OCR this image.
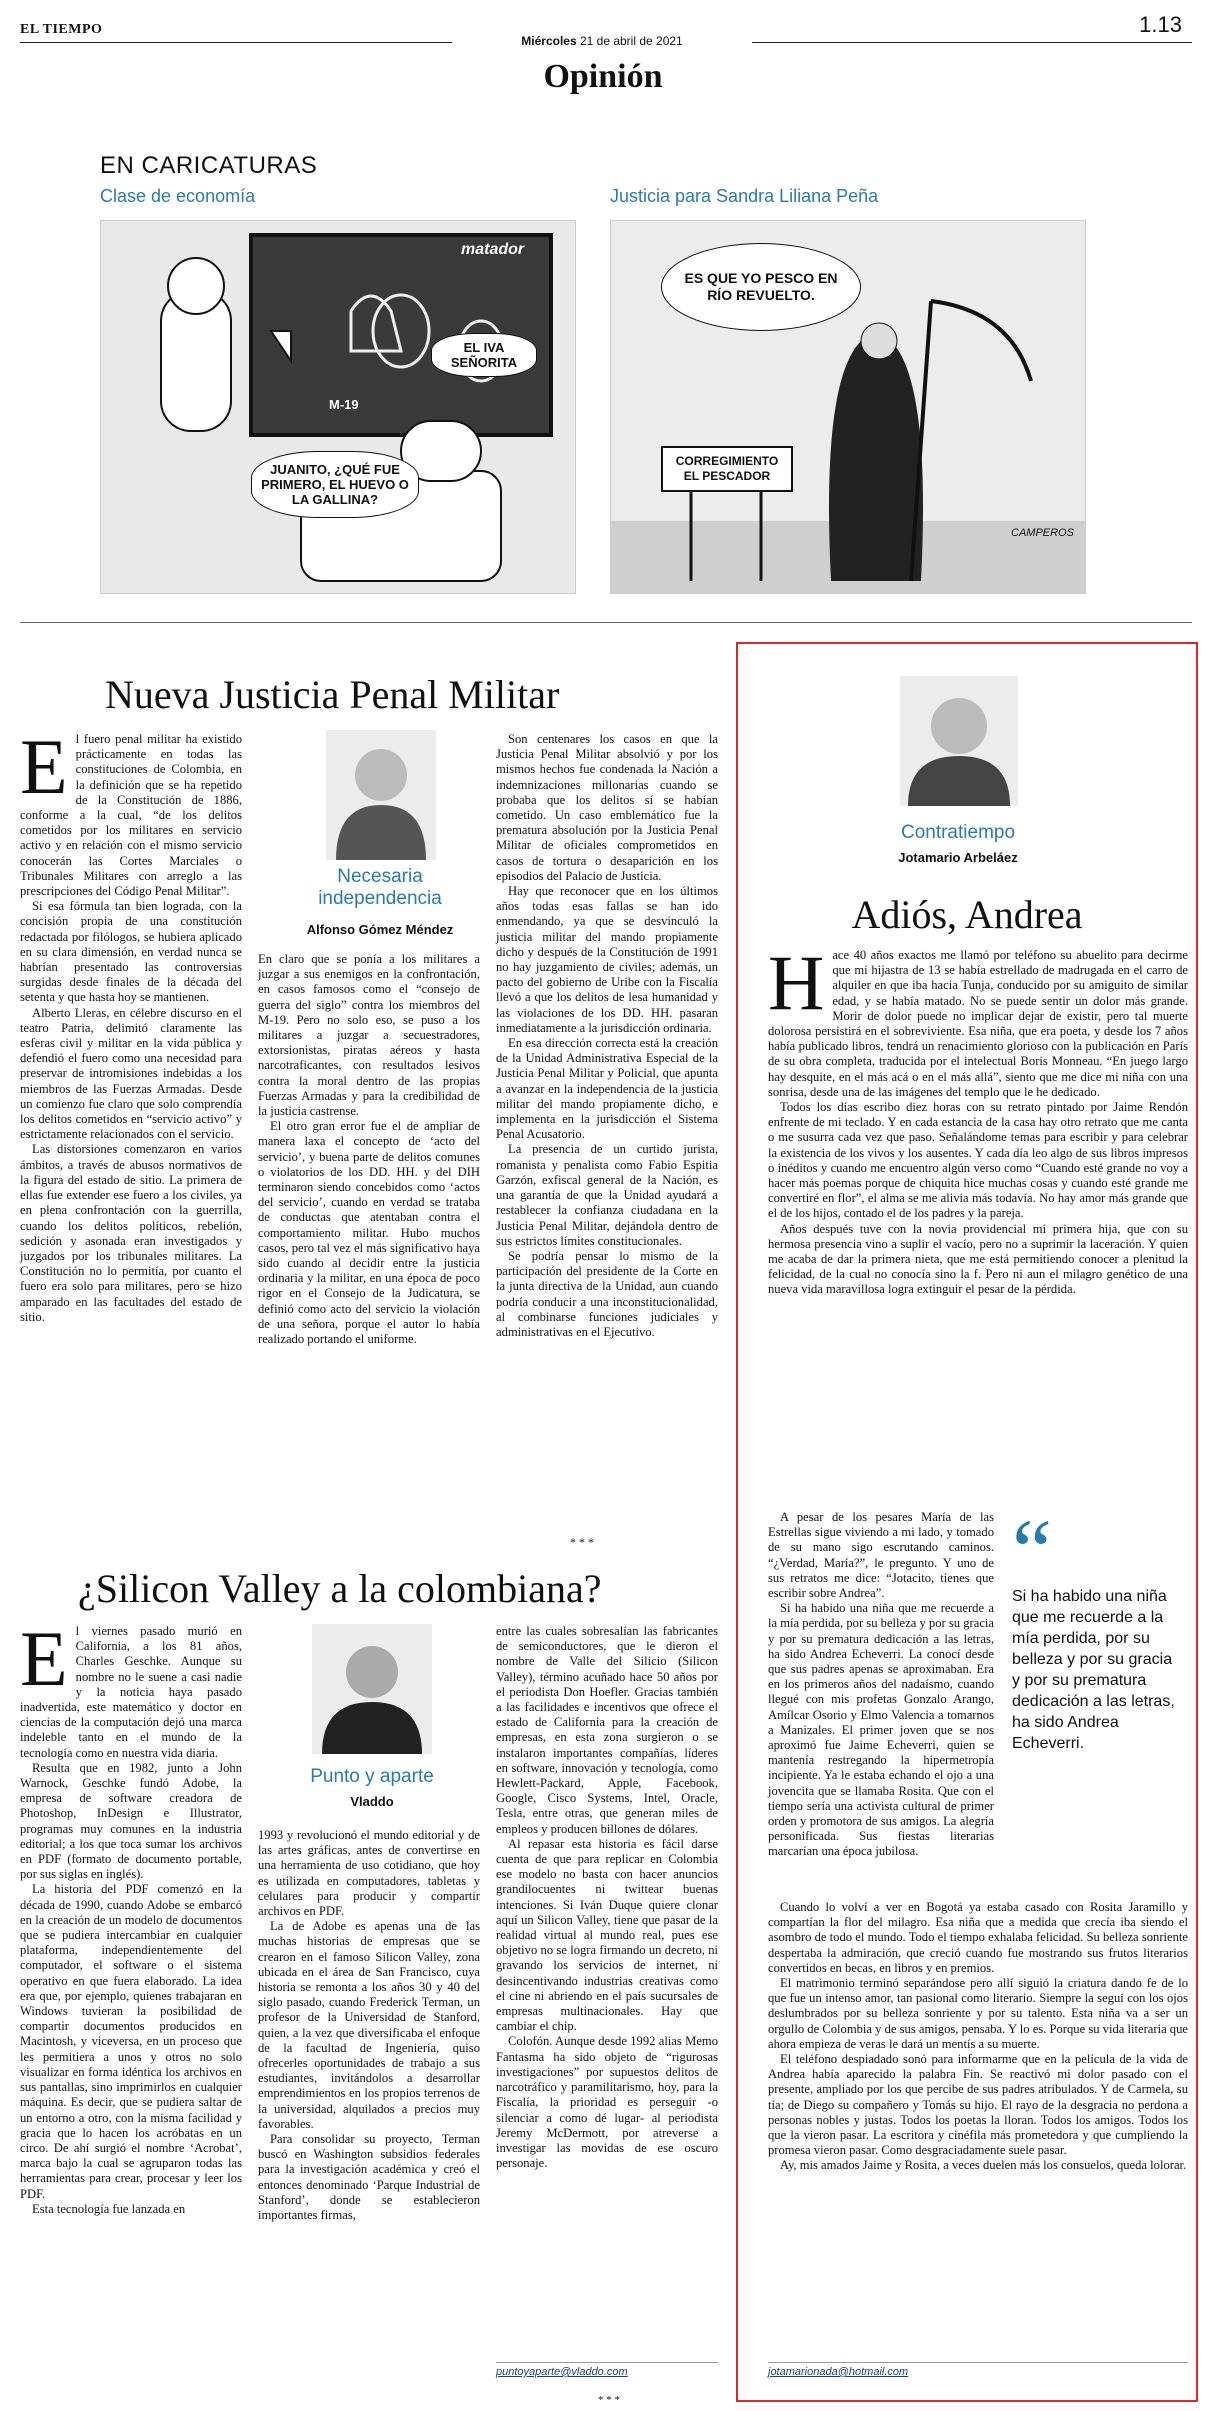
EL TIEMPO
Miércoles 21 de abril de 2021
1.13
Opinión
EN CARICATURAS
Clase de economía	Justicia para Sandra Liliana Peña
matador
M-19
EL IVA SEÑORITA
JUANITO, ¿QUÉ FUE PRIMERO, EL HUEVO O LA GALLINA?
ES QUE YO PESCO EN RÍO REVUELTO.
CORREGIMIENTO EL PESCADOR
CAMPEROS
Nueva Justicia Penal Militar
E l fuero penal militar ha existido prácticamente en todas las constituciones de Colombia, en la definición que se ha repetido de la Constitución de 1886, conforme a la cual, “de los delitos cometidos por los militares en servicio activo y en relación con el mismo servicio conocerán las Cortes Marciales o Tribunales Militares con arreglo a las prescripciones del Código Penal Militar”.

Si esa fórmula tan bien lograda, con la concisión propia de una constitución redactada por filólogos, se hubiera aplicado en su clara dimensión, en verdad nunca se habrían presentado las controversias surgidas desde finales de la década del setenta y que hasta hoy se mantienen.

Alberto Lleras, en célebre discurso en el teatro Patria, delimitó claramente las esferas civil y militar en la vida pública y defendió el fuero como una necesidad para preservar de intromisiones indebidas a los miembros de las Fuerzas Armadas. Desde un comienzo fue claro que solo comprendía los delitos cometidos en “servicio activo” y estrictamente relacionados con el servicio.

Las distorsiones comenzaron en varios ámbitos, a través de abusos normativos de la figura del estado de sitio. La primera de ellas fue extender ese fuero a los civiles, ya en plena confrontación con la guerrilla, cuando los delitos políticos, rebelión, sedición y asonada eran investigados y juzgados por los tribunales militares. La Constitución no lo permitía, por cuanto el fuero era solo para militares, pero se hizo amparado en las facultades del estado de sitio.

Necesaria independencia
Alfonso Gómez Méndez

En claro que se ponía a los militares a juzgar a sus enemigos en la confrontación, en casos famosos como el “consejo de guerra del siglo” contra los miembros del M-19. Pero no solo eso, se puso a los militares a juzgar a secuestradores, extorsionistas, piratas aéreos y hasta narcotraficantes, con resultados lesivos contra la moral dentro de las propias Fuerzas Armadas y para la credibilidad de la justicia castrense.

El otro gran error fue el de ampliar de manera laxa el concepto de ‘acto del servicio’, y buena parte de delitos comunes o violatorios de los DD. HH. y del DIH terminaron siendo concebidos como ‘actos del servicio’, cuando en verdad se trataba de conductas que atentaban contra el comportamiento militar. Hubo muchos casos, pero tal vez el más significativo haya sido cuando al decidir entre la justicia ordinaria y la militar, en una época de poco rigor en el Consejo de la Judicatura, se definió como acto del servicio la violación de una señora, porque el autor lo había realizado portando el uniforme.

Son centenares los casos en que la Justicia Penal Militar absolvió y por los mismos hechos fue condenada la Nación a indemnizaciones millonarias cuando se probaba que los delitos sí se habían cometido. Un caso emblemático fue la prematura absolución por la Justicia Penal Militar de oficiales comprometidos en casos de tortura o desaparición en los episodios del Palacio de Justicia.

Hay que reconocer que en los últimos años todas esas fallas se han ido enmendando, ya que se desvinculó la justicia militar del mando propiamente dicho y después de la Constitución de 1991 no hay juzgamiento de civiles; además, un pacto del gobierno de Uribe con la Fiscalía llevó a que los delitos de lesa humanidad y las violaciones de los DD. HH. pasaran inmediatamente a la jurisdicción ordinaria.

En esa dirección correcta está la creación de la Unidad Administrativa Especial de la Justicia Penal Militar y Policial, que apunta a avanzar en la independencia de la justicia militar del mando propiamente dicho, e implementa en la jurisdicción el Sistema Penal Acusatorio.

La presencia de un curtido jurista, romanista y penalista como Fabio Espitia Garzón, exfiscal general de la Nación, es una garantía de que la Unidad ayudará a restablecer la confianza ciudadana en la Justicia Penal Militar, dejándola dentro de sus estrictos límites constitucionales.

Se podría pensar lo mismo de la participación del presidente de la Corte en la junta directiva de la Unidad, aun cuando podría conducir a una inconstitucionalidad, al combinarse funciones judiciales y administrativas en el Ejecutivo.

* * *
¿Silicon Valley a la colombiana?
E l viernes pasado murió en California, a los 81 años, Charles Geschke. Aunque su nombre no le suene a casi nadie y la noticia haya pasado inadvertida, este matemático y doctor en ciencias de la computación dejó una marca indeleble tanto en el mundo de la tecnología como en nuestra vida diaria.

Resulta que en 1982, junto a John Warnock, Geschke fundó Adobe, la empresa de software creadora de Photoshop, InDesign e Illustrator, programas muy comunes en la industria editorial; a los que toca sumar los archivos en PDF (formato de documento portable, por sus siglas en inglés).

La historia del PDF comenzó en la década de 1990, cuando Adobe se embarcó en la creación de un modelo de documentos que se pudiera intercambiar en cualquier plataforma, independientemente del computador, el software o el sistema operativo en que fuera elaborado. La idea era que, por ejemplo, quienes trabajaran en Windows tuvieran la posibilidad de compartir documentos producidos en Macintosh, y viceversa, en un proceso que les permitiera a unos y otros no solo visualizar en forma idéntica los archivos en sus pantallas, sino imprimirlos en cualquier máquina. Es decir, que se pudiera saltar de un entorno a otro, con la misma facilidad y gracia que lo hacen los acróbatas en un circo. De ahí surgió el nombre ‘Acrobat’, marca bajo la cual se agruparon todas las herramientas para crear, procesar y leer los PDF.

Esta tecnología fue lanzada en

Punto y aparte
Vladdo

1993 y revolucionó el mundo editorial y de las artes gráficas, antes de convertirse en una herramienta de uso cotidiano, que hoy es utilizada en computadores, tabletas y celulares para producir y compartir archivos en PDF.

La de Adobe es apenas una de las muchas historias de empresas que se crearon en el famoso Silicon Valley, zona ubicada en el área de San Francisco, cuya historia se remonta a los años 30 y 40 del siglo pasado, cuando Frederick Terman, un profesor de la Universidad de Stanford, quien, a la vez que diversificaba el enfoque de la facultad de Ingeniería, quiso ofrecerles oportunidades de trabajo a sus estudiantes, invitándolos a desarrollar emprendimientos en los propios terrenos de la universidad, alquilados a precios muy favorables.

Para consolidar su proyecto, Terman buscó en Washington subsidios federales para la investigación académica y creó el entonces denominado ‘Parque Industrial de Stanford’, donde se establecieron importantes firmas,

entre las cuales sobresalían las fabricantes de semiconductores, que le dieron el nombre de Valle del Silicio (Silicon Valley), término acuñado hace 50 años por el periodista Don Hoefler. Gracias también a las facilidades e incentivos que ofrece el estado de California para la creación de empresas, en esta zona surgieron o se instalaron importantes compañías, líderes en software, innovación y tecnología, como Hewlett-Packard, Apple, Facebook, Google, Cisco Systems, Intel, Oracle, Tesla, entre otras, que generan miles de empleos y producen billones de dólares.

Al repasar esta historia es fácil darse cuenta de que para replicar en Colombia ese modelo no basta con hacer anuncios grandilocuentes ni twittear buenas intenciones. Si Iván Duque quiere clonar aquí un Silicon Valley, tiene que pasar de la realidad virtual al mundo real, pues ese objetivo no se logra firmando un decreto, ni gravando los servicios de internet, ni desincentivando industrias creativas como el cine ni abriendo en el país sucursales de empresas multinacionales. Hay que cambiar el chip.

Colofón. Aunque desde 1992 alias Memo Fantasma ha sido objeto de “rigurosas investigaciones” por supuestos delitos de narcotráfico y paramilitarismo, hoy, para la Fiscalía, la prioridad es perseguir -o silenciar a como dé lugar- al periodista Jeremy McDermott, por atreverse a investigar las movidas de ese oscuro personaje.

puntoyaparte@vladdo.com
* * *
Contratiempo
Jotamario Arbeláez
Adiós, Andrea
“
Si ha habido una niña que me recuerde a la mía perdida, por su belleza y por su gracia y por su prematura dedicación a las letras, ha sido Andrea Echeverri.
H ace 40 años exactos me llamó por teléfono su abuelito para decirme que mi hijastra de 13 se había estrellado de madrugada en el carro de alquiler en que iba hacia Tunja, conducido por su amiguito de similar edad, y se había matado. No se puede sentir un dolor más grande. Morir de dolor puede no implicar dejar de existir, pero tal muerte dolorosa persistirá en el sobreviviente. Esa niña, que era poeta, y desde los 7 años había publicado libros, tendrá un renacimiento glorioso con la publicación en París de su obra completa, traducida por el intelectual Boris Monneau. “En juego largo hay desquite, en el más acá o en el más allá”, siento que me dice mi niña con una sonrisa, desde una de las imágenes del templo que le he dedicado.

Todos los días escribo diez horas con su retrato pintado por Jaime Rendón enfrente de mi teclado. Y en cada estancia de la casa hay otro retrato que me canta o me susurra cada vez que paso. Señalándome temas para escribir y para celebrar la existencia de los vivos y los ausentes. Y cada día leo algo de sus libros impresos o inéditos y cuando me encuentro algún verso como “Cuando esté grande no voy a hacer más poemas porque de chiquita hice muchas cosas y cuando esté grande me convertiré en flor”, el alma se me alivia más todavía. No hay amor más grande que el de los hijos, contado el de los padres y la pareja.

Años después tuve con la novia providencial mi primera hija, que con su hermosa presencia vino a suplir el vacío, pero no a suprimir la laceración. Y quien me acaba de dar la primera nieta, que me está permitiendo conocer a plenitud la felicidad, de la cual no conocía sino la f. Pero ni aun el milagro genético de una nueva vida maravillosa logra extinguir el pesar de la pérdida.

A pesar de los pesares María de las Estrellas sigue viviendo a mi lado, y tomado de su mano sigo escrutando caminos. “¿Verdad, María?”, le pregunto. Y uno de sus retratos me dice: “Jotacito, tienes que escribir sobre Andrea”.

Si ha habido una niña que me recuerde a la mía perdida, por su belleza y por su gracia y por su prematura dedicación a las letras, ha sido Andrea Echeverri. La conocí desde que sus padres apenas se aproximaban. Era en los primeros años del nadaísmo, cuando llegué con mis profetas Gonzalo Arango, Amílcar Osorio y Elmo Valencia a tomarnos a Manizales. El primer joven que se nos aproximó fue Jaime Echeverri, quien se mantenía restregando la hipermetropía incipiente. Ya le estaba echando el ojo a una jovencita que se llamaba Rosita. Que con el tiempo sería una activista cultural de primer orden y promotora de sus amigos. La alegría personificada. Sus fiestas literarias marcarían una época jubilosa.

Cuando lo volví a ver en Bogotá ya estaba casado con Rosita Jaramillo y compartían la flor del milagro. Esa niña que a medida que crecía iba siendo el asombro de todo el mundo. Todo el tiempo exhalaba felicidad. Su belleza sonriente despertaba la admiración, que creció cuando fue mostrando sus frutos literarios convertidos en becas, en libros y en premios.

El matrimonio terminó separándose pero allí siguió la criatura dando fe de lo que fue un intenso amor, tan pasional como literario. Siempre la seguí con los ojos deslumbrados por su belleza sonriente y por su talento. Esta niña va a ser un orgullo de Colombia y de sus amigos, pensaba. Y lo es. Porque su vida literaria que ahora empieza de veras le dará un mentís a su muerte.

El teléfono despiadado sonó para informarme que en la película de la vida de Andrea había aparecido la palabra Fin. Se reactivó mi dolor pasado con el presente, ampliado por los que percibe de sus padres atribulados. Y de Carmela, su tía; de Diego su compañero y Tomás su hijo. El rayo de la desgracia no perdona a personas nobles y justas. Todos los poetas la lloran. Todos los amigos. Todos los que la vieron pasar. La escritora y cinéfila más prometedora y que cumpliendo la promesa vieron pasar. Como desgraciadamente suele pasar.

Ay, mis amados Jaime y Rosita, a veces duelen más los consuelos, queda lolorar.

jotamarionada@hotmail.com
